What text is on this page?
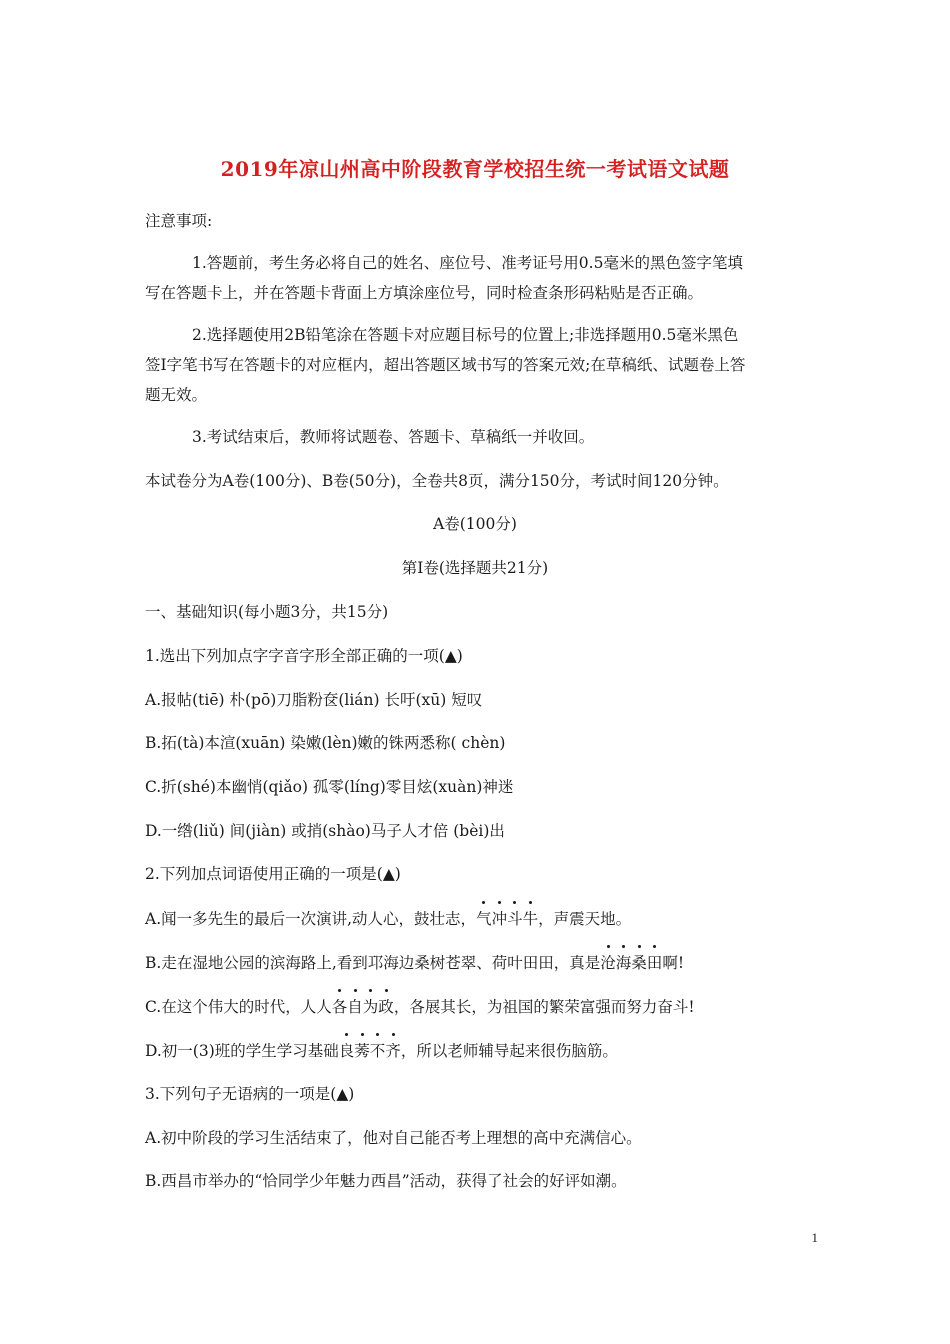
2019年凉山州高中阶段教育学校招生统一考试语文试题
注意事项:
1.答题前，考生务必将自己的姓名、座位号、准考证号用0.5毫米的黑色签字笔填
写在答题卡上，并在答题卡背面上方填涂座位号，同时检查条形码粘贴是否正确。
2.选择题使用2B铅笔涂在答题卡对应题目标号的位置上;非选择题用0.5毫米黑色
签I字笔书写在答题卡的对应框内，超出答题区域书写的答案元效;在草稿纸、试题卷上答
题无效。
3.考试结束后，教师将试题卷、答题卡、草稿纸一并收回。
本试卷分为A卷(100分)、B卷(50分)，全卷共8页，满分150分，考试时间120分钟。
A卷(100分)
第I卷(选择题共21分)
一、基础知识(每小题3分，共15分)
1.选出下列加点字字音字形全部正确的一项(▲)
A.报帖(tiē) 朴(pō)刀脂粉奁(lián) 长吁(xū) 短叹
B.拓(tà)本渲(xuān) 染嫩(lèn)嫩的铢两悉称( chèn)
C.折(shé)本幽悄(qiǎo) 孤零(líng)零目炫(xuàn)神迷
D.一绺(liǔ) 间(jiàn) 或捎(shào)马子人才倍 (bèi)出
2.下列加点词语使用正确的一项是(▲)
A.闻一多先生的最后一次演讲,动人心，鼓壮志，气冲斗牛，声震天地。
B.走在湿地公园的滨海路上,看到邛海边桑树苍翠、荷叶田田，真是沧海桑田啊!
C.在这个伟大的时代，人人各自为政，各展其长，为祖国的繁荣富强而努力奋斗!
D.初一(3)班的学生学习基础良莠不齐，所以老师辅导起来很伤脑筋。
3.下列句子无语病的一项是(▲)
A.初中阶段的学习生活结束了，他对自己能否考上理想的高中充满信心。
B.西昌市举办的“恰同学少年魅力西昌”活动，获得了社会的好评如潮。
1
